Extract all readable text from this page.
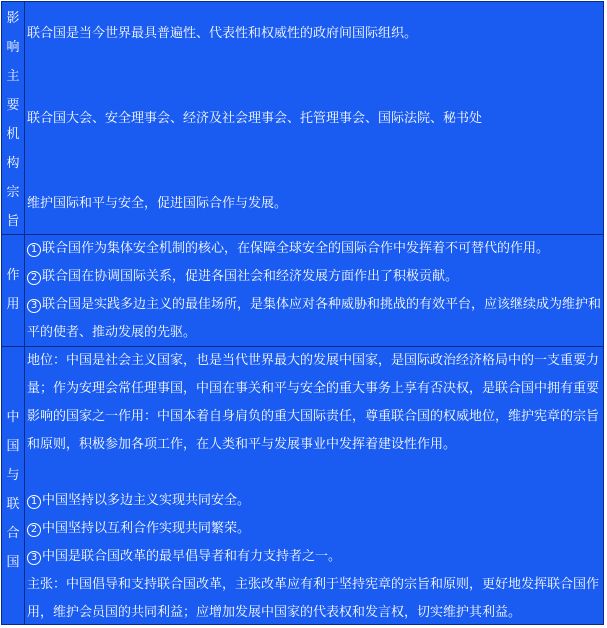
影
响
主
要
机
构
宗
旨
作
用
中
国
与
联
合
国

联合国是当今世界最具普遍性、代表性和权威性的政府间国际组织。

联合国大会、安全理事会、经济及社会理事会、托管理事会、国际法院、秘书处

维护国际和平与安全，促进国际合作与发展。

1 联合国作为集体安全机制的核心，在保障全球安全的国际合作中发挥着不可替代的作用。

2 联合国在协调国际关系，促进各国社会和经济发展方面作出了积极贡献。

3 联合国是实践多边主义的最佳场所，是集体应对各种威胁和挑战的有效平台，应该继续成为维护和平的使者、推动发展的先驱。

地位：中国是社会主义国家，也是当代世界最大的发展中国家，是国际政治经济格局中的一支重要力量；作为安理会常任理事国，中国在事关和平与安全的重大事务上享有否决权，是联合国中拥有重要影响的国家之一作用：中国本着自身肩负的重大国际责任，尊重联合国的权威地位，维护宪章的宗旨和原则，积极参加各项工作，在人类和平与发展事业中发挥着建设性作用。

1 中国坚持以多边主义实现共同安全。

2 中国坚持以互利合作实现共同繁荣。

3 中国是联合国改革的最早倡导者和有力支持者之一。

主张：中国倡导和支持联合国改革，主张改革应有利于坚持宪章的宗旨和原则，更好地发挥联合国作用，维护会员国的共同利益；应增加发展中国家的代表权和发言权，切实维护其利益。
